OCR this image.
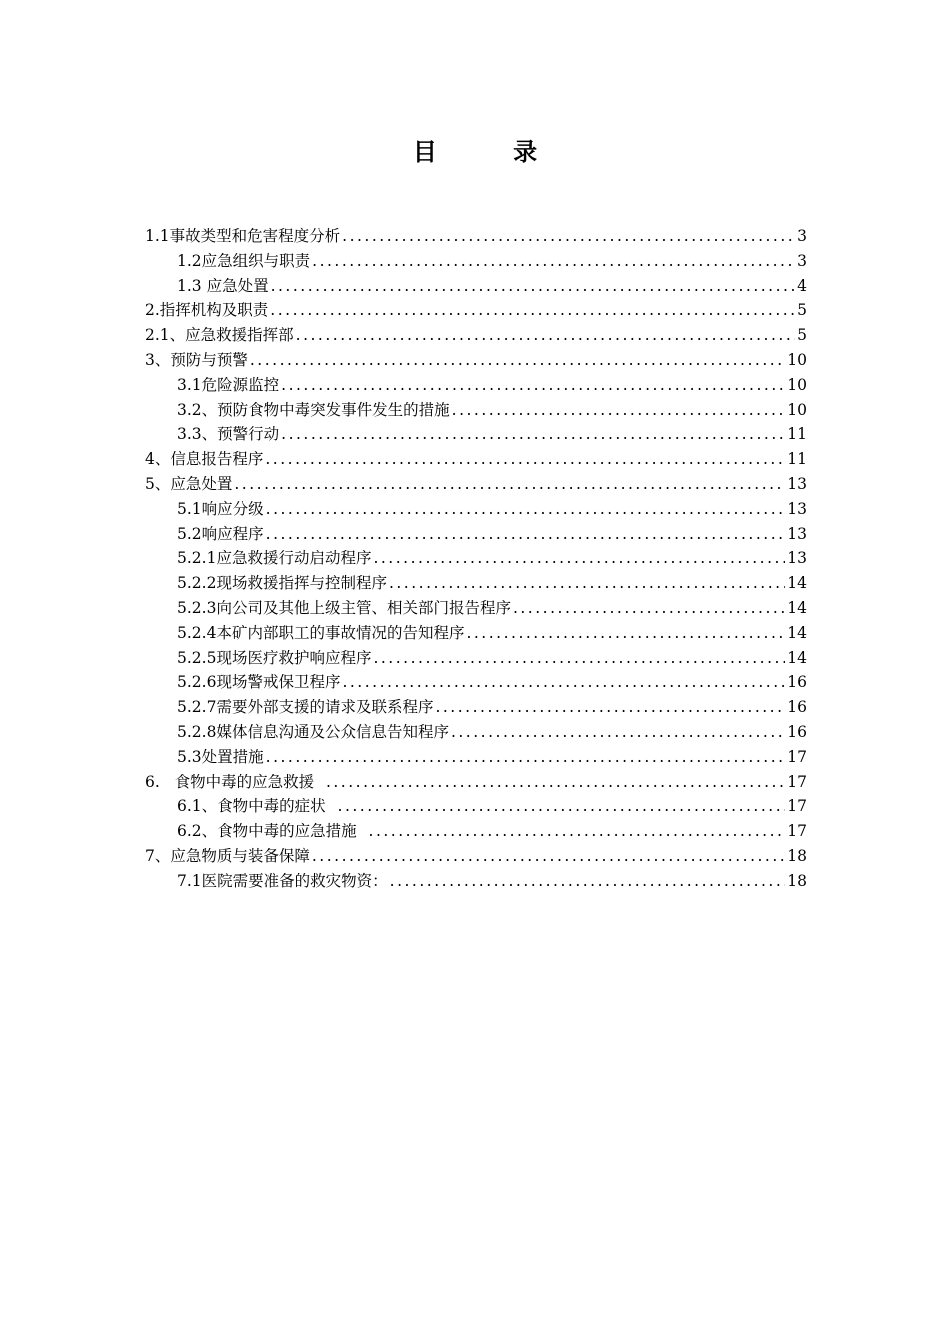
目 录
1.1事故类型和危害程度分析 .....	3
1.2应急组织与职责 .....	3
1.3 应急处置 .....	4
2.指挥机构及职责 .....	5
2.1、应急救援指挥部 .....	5
3、预防与预警 .....	10
3.1危险源监控 .....	10
3.2、预防食物中毒突发事件发生的措施 .....	10
3.3、预警行动 .....	11
4、信息报告程序 .....	11
5、应急处置 .....	13
5.1响应分级 .....	13
5.2响应程序 .....	13
5.2.1应急救援行动启动程序 .....	13
5.2.2现场救援指挥与控制程序 .....	14
5.2.3向公司及其他上级主管、相关部门报告程序 .....	14
5.2.4本矿内部职工的事故情况的告知程序 .....	14
5.2.5现场医疗救护响应程序 .....	14
5.2.6现场警戒保卫程序 .....	16
5.2.7需要外部支援的请求及联系程序 .....	16
5.2.8媒体信息沟通及公众信息告知程序 .....	16
5.3处置措施 .....	17
6.   食物中毒的应急救援 .....	17
6.1、食物中毒的症状 .....	17
6.2、食物中毒的应急措施 .....	17
7、应急物质与装备保障 .....	18
7.1医院需要准备的救灾物资： .....	18
